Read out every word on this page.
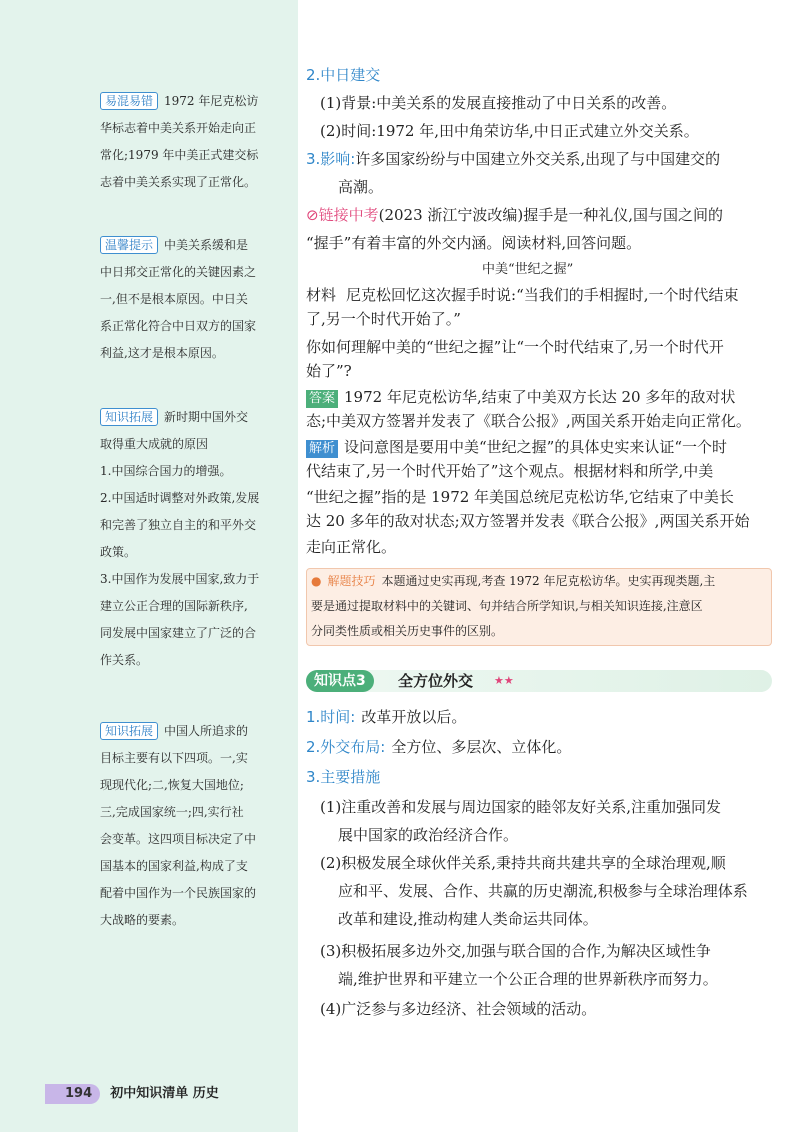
易混易错 1972 年尼克松访

华标志着中美关系开始走向正

常化;1979 年中美正式建交标

志着中美关系实现了正常化。

温馨提示 中美关系缓和是

中日邦交正常化的关键因素之

一,但不是根本原因。中日关

系正常化符合中日双方的国家

利益,这才是根本原因。

知识拓展 新时期中国外交

取得重大成就的原因

1.中国综合国力的增强。

2.中国适时调整对外政策,发展

和完善了独立自主的和平外交

政策。

3.中国作为发展中国家,致力于

建立公正合理的国际新秩序,

同发展中国家建立了广泛的合

作关系。

知识拓展 中国人所追求的

目标主要有以下四项。一,实

现现代化;二,恢复大国地位;

三,完成国家统一;四,实行社

会变革。这四项目标决定了中

国基本的国家利益,构成了支

配着中国作为一个民族国家的

大战略的要素。

2.中日建交
(1)背景:中美关系的发展直接推动了中日关系的改善。
(2)时间:1972 年,田中角荣访华,中日正式建立外交关系。
3.影响:许多国家纷纷与中国建立外交关系,出现了与中国建交的
高潮。
⊘链接中考(2023 浙江宁波改编)握手是一种礼仪,国与国之间的
“握手”有着丰富的外交内涵。阅读材料,回答问题。
中美“世纪之握”
材料 尼克松回忆这次握手时说:“当我们的手相握时,一个时代结束
了,另一个时代开始了。”
你如何理解中美的“世纪之握”让“一个时代结束了,另一个时代开
始了”?
答案 1972 年尼克松访华,结束了中美双方长达 20 多年的敌对状
态;中美双方签署并发表了《联合公报》,两国关系开始走向正常化。
解析 设问意图是要用中美“世纪之握”的具体史实来认证“一个时
代结束了,另一个时代开始了”这个观点。根据材料和所学,中美
“世纪之握”指的是 1972 年美国总统尼克松访华,它结束了中美长
达 20 多年的敌对状态;双方签署并发表《联合公报》,两国关系开始
走向正常化。
● 解题技巧 本题通过史实再现,考查 1972 年尼克松访华。史实再现类题,主
要是通过提取材料中的关键词、句并结合所学知识,与相关知识连接,注意区
分同类性质或相关历史事件的区别。
知识点3	全方位外交 ★★
1.时间: 改革开放以后。
2.外交布局: 全方位、多层次、立体化。
3.主要措施
(1)注重改善和发展与周边国家的睦邻友好关系,注重加强同发
展中国家的政治经济合作。
(2)积极发展全球伙伴关系,秉持共商共建共享的全球治理观,顺
应和平、发展、合作、共赢的历史潮流,积极参与全球治理体系
改革和建设,推动构建人类命运共同体。
(3)积极拓展多边外交,加强与联合国的合作,为解决区域性争
端,维护世界和平建立一个公正合理的世界新秩序而努力。
(4)广泛参与多边经济、社会领域的活动。
194 初中知识清单 历史
